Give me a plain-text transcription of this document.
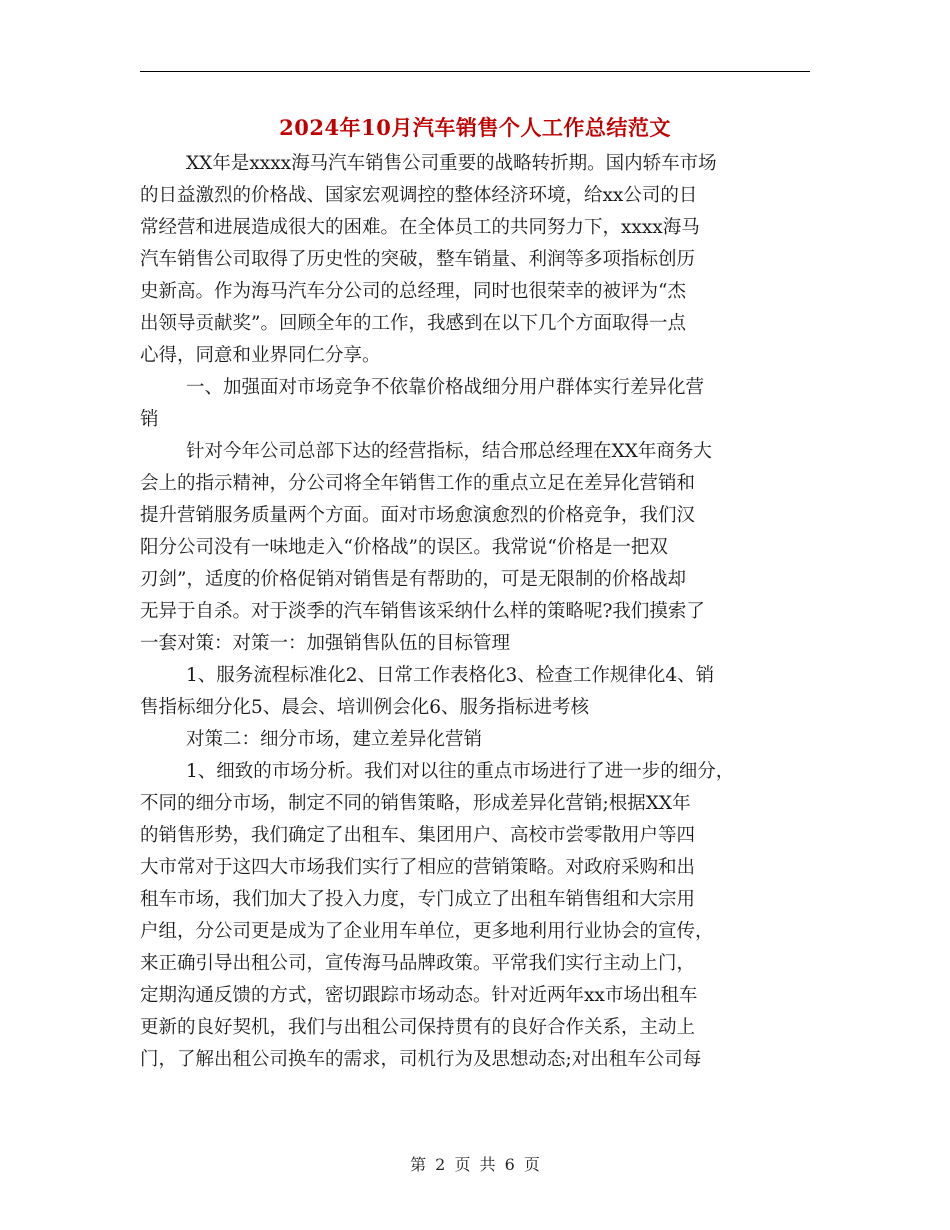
2024年10月汽车销售个人工作总结范文
XX年是xxxx海马汽车销售公司重要的战略转折期。国内轿车市场
的日益激烈的价格战、国家宏观调控的整体经济环境，给xx公司的日
常经营和进展造成很大的困难。在全体员工的共同努力下，xxxx海马
汽车销售公司取得了历史性的突破，整车销量、利润等多项指标创历
史新高。作为海马汽车分公司的总经理，同时也很荣幸的被评为“杰
出领导贡献奖”。回顾全年的工作，我感到在以下几个方面取得一点
心得，同意和业界同仁分享。
一、加强面对市场竞争不依靠价格战细分用户群体实行差异化营
销
针对今年公司总部下达的经营指标，结合邢总经理在XX年商务大
会上的指示精神，分公司将全年销售工作的重点立足在差异化营销和
提升营销服务质量两个方面。面对市场愈演愈烈的价格竞争，我们汉
阳分公司没有一味地走入“价格战”的误区。我常说“价格是一把双
刃剑”，适度的价格促销对销售是有帮助的，可是无限制的价格战却
无异于自杀。对于淡季的汽车销售该采纳什么样的策略呢?我们摸索了
一套对策：对策一：加强销售队伍的目标管理
1、服务流程标准化2、日常工作表格化3、检查工作规律化4、销
售指标细分化5、晨会、培训例会化6、服务指标进考核
对策二：细分市场，建立差异化营销
1、细致的市场分析。我们对以往的重点市场进行了进一步的细分，
不同的细分市场，制定不同的销售策略，形成差异化营销;根据XX年
的销售形势，我们确定了出租车、集团用户、高校市尝零散用户等四
大市常对于这四大市场我们实行了相应的营销策略。对政府采购和出
租车市场，我们加大了投入力度，专门成立了出租车销售组和大宗用
户组，分公司更是成为了企业用车单位，更多地利用行业协会的宣传，
来正确引导出租公司，宣传海马品牌政策。平常我们实行主动上门，
定期沟通反馈的方式，密切跟踪市场动态。针对近两年xx市场出租车
更新的良好契机，我们与出租公司保持贯有的良好合作关系，主动上
门，了解出租公司换车的需求，司机行为及思想动态;对出租车公司每
第 2 页 共 6 页
